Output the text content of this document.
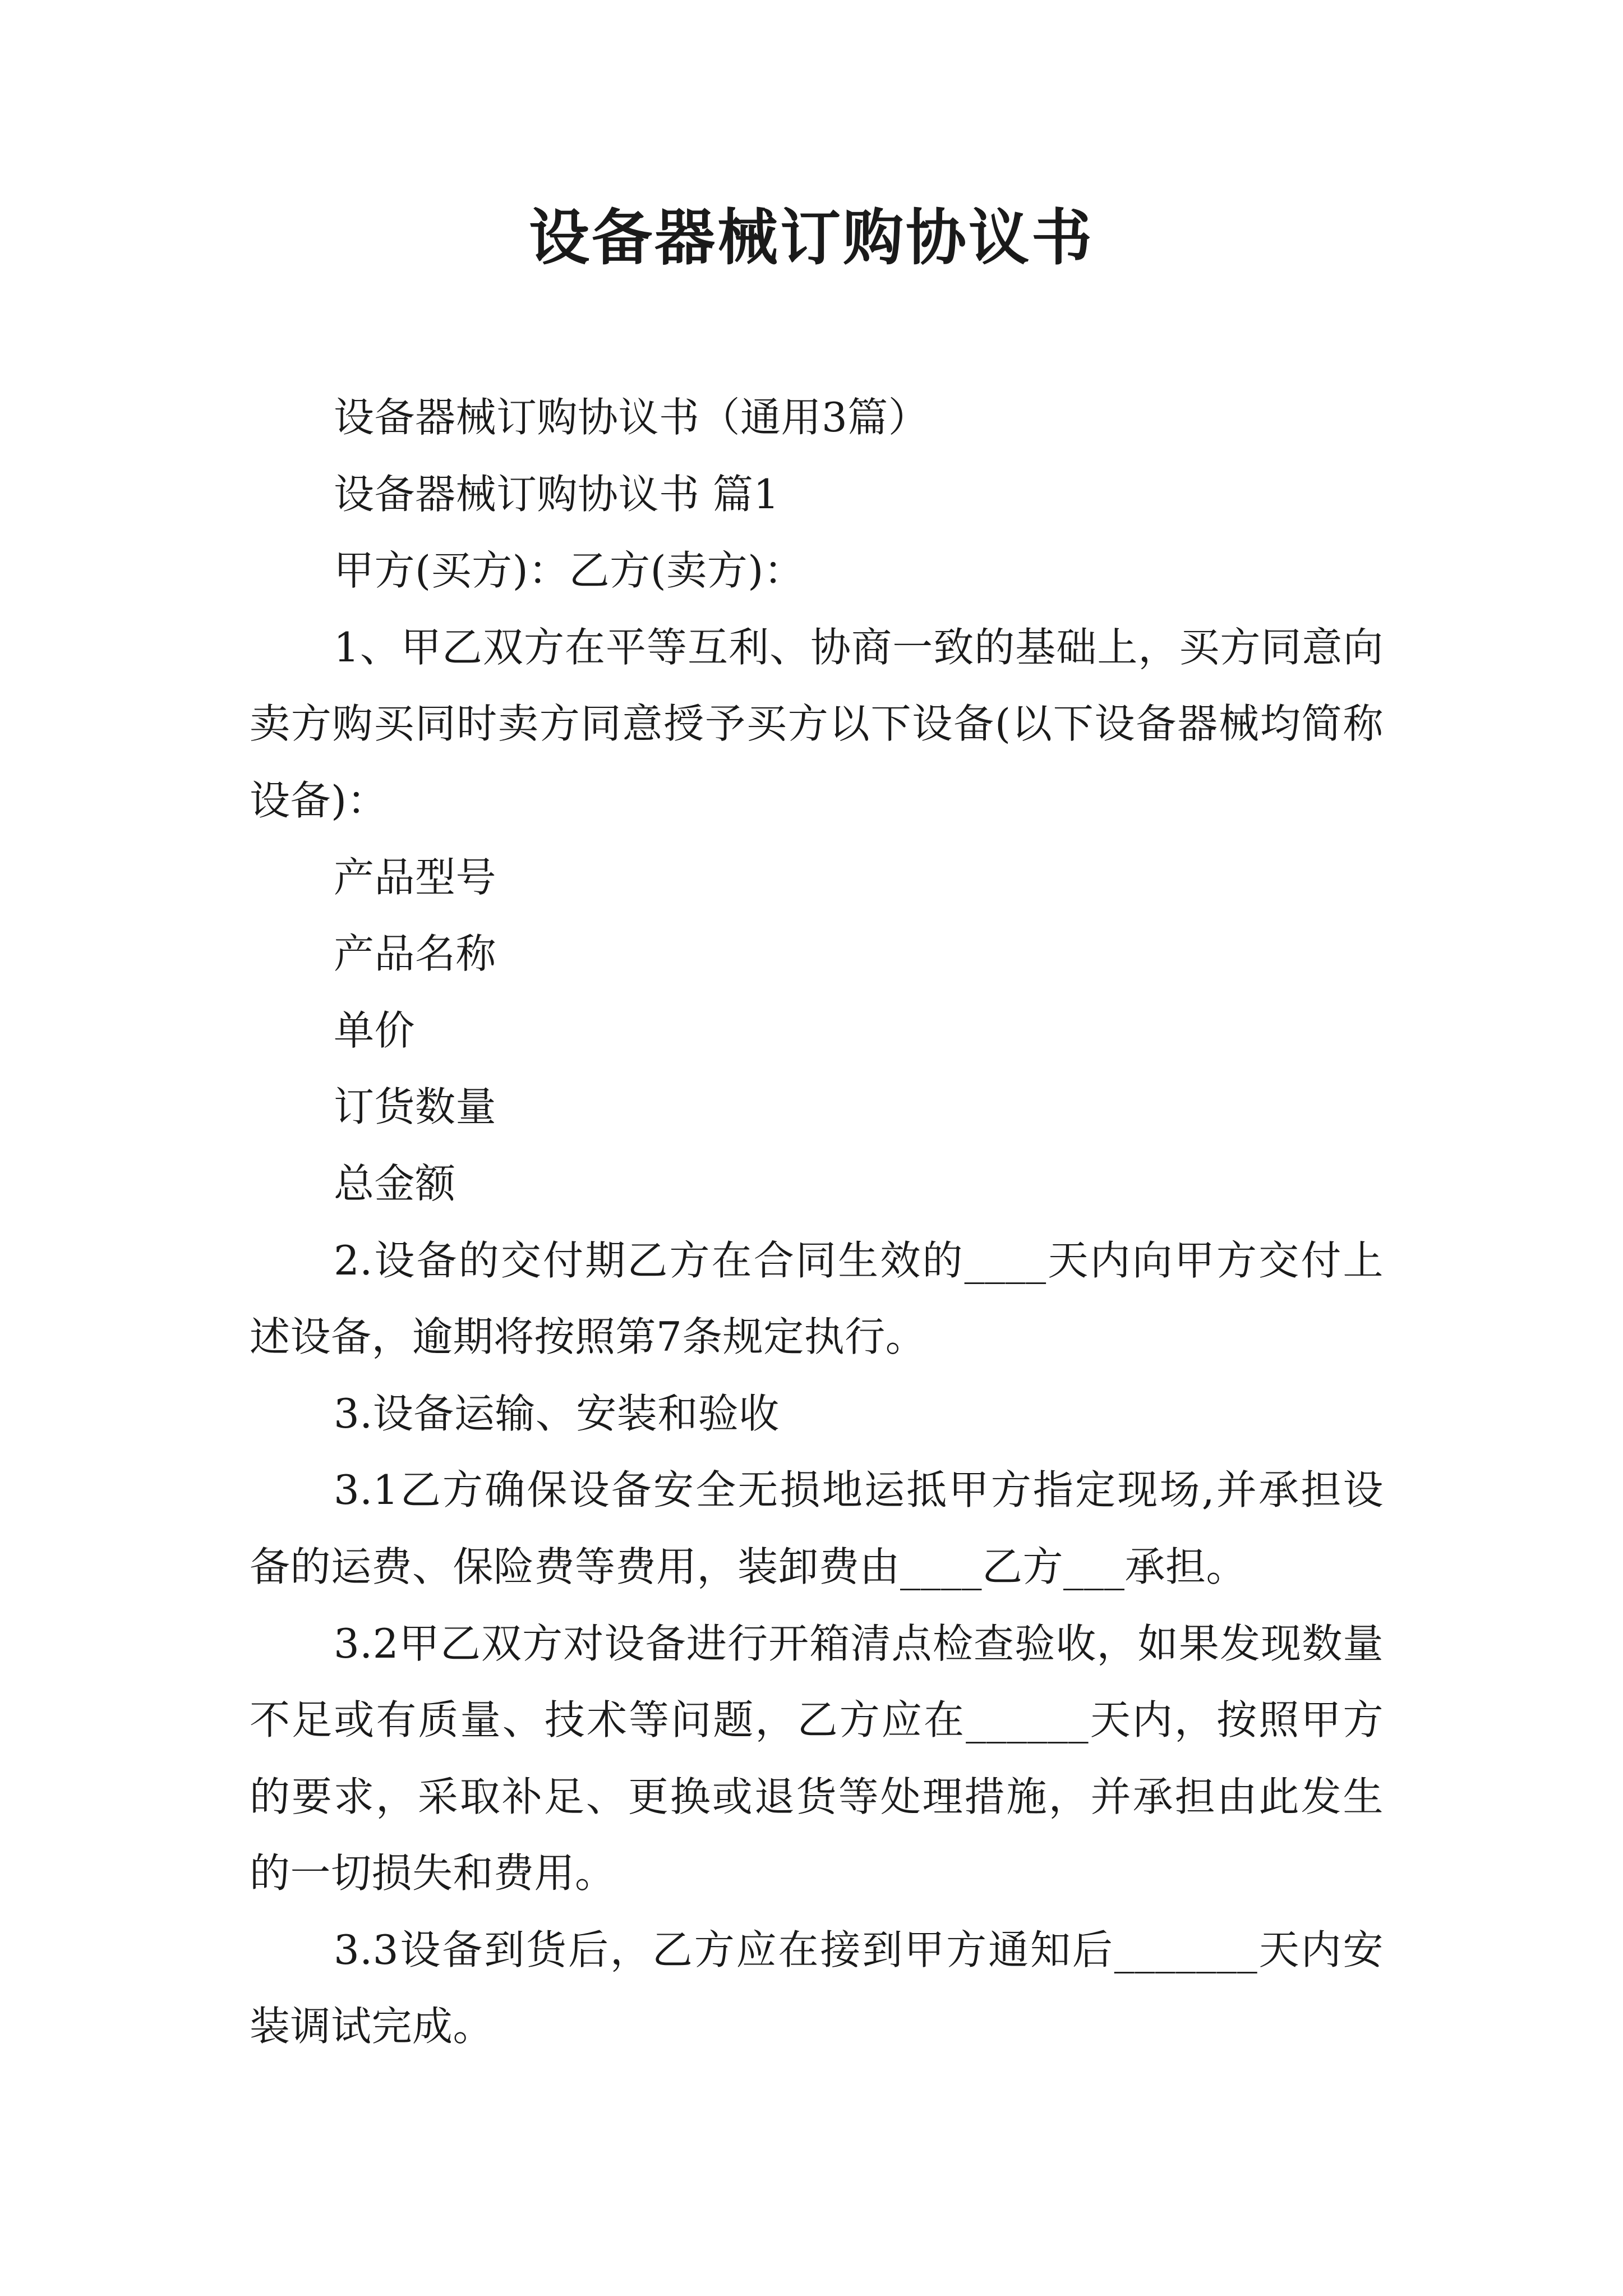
设备器械订购协议书

设备器械订购协议书（通用3篇）

设备器械订购协议书 篇1

甲方(买方)：乙方(卖方)：

1、甲乙双方在平等互利、协商一致的基础上，买方同意向卖方购买同时卖方同意授予买方以下设备(以下设备器械均简称设备)：

产品型号

产品名称

单价

订货数量

总金额

2.设备的交付期乙方在合同生效的____天内向甲方交付上述设备，逾期将按照第7条规定执行。

3.设备运输、安装和验收

3.1乙方确保设备安全无损地运抵甲方指定现场,并承担设备的运费、保险费等费用，装卸费由____乙方___承担。

3.2甲乙双方对设备进行开箱清点检查验收，如果发现数量不足或有质量、技术等问题，乙方应在______天内，按照甲方的要求，采取补足、更换或退货等处理措施，并承担由此发生的一切损失和费用。

3.3设备到货后，乙方应在接到甲方通知后_______天内安装调试完成。
